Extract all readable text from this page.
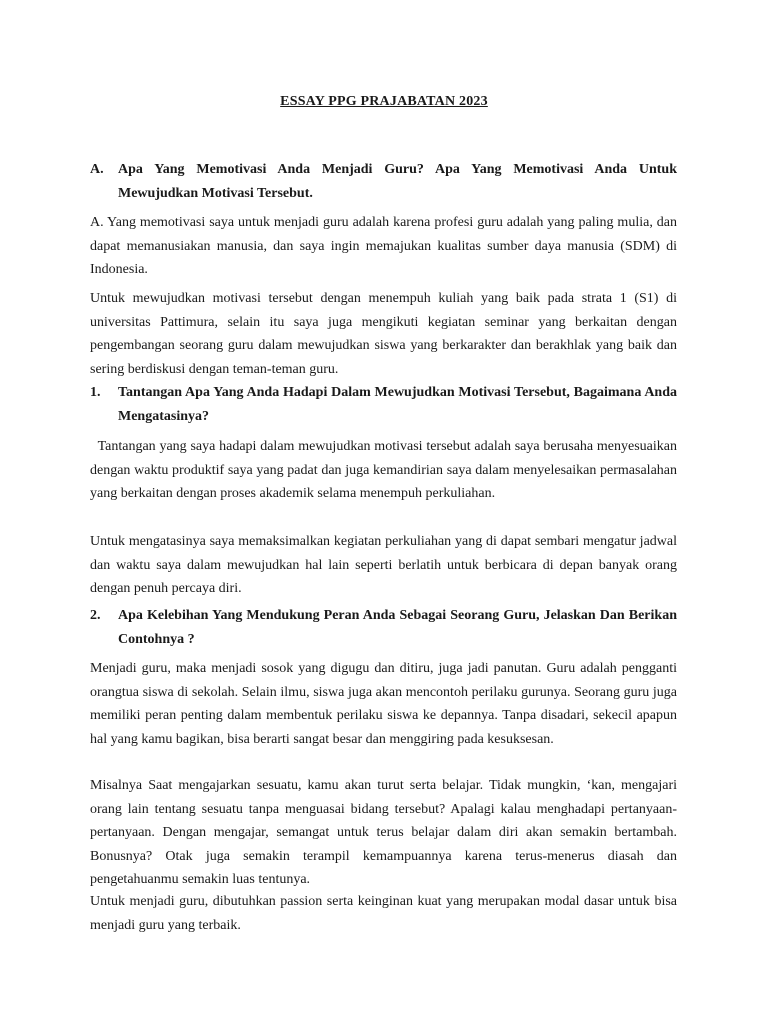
ESSAY PPG PRAJABATAN 2023
A.	Apa Yang Memotivasi Anda Menjadi Guru? Apa Yang Memotivasi Anda Untuk Mewujudkan Motivasi Tersebut.

A. Yang memotivasi saya untuk menjadi guru adalah karena profesi guru adalah yang paling mulia, dan dapat memanusiakan manusia, dan saya ingin memajukan kualitas sumber daya manusia (SDM) di Indonesia.

Untuk mewujudkan motivasi tersebut dengan menempuh kuliah yang baik pada strata 1 (S1) di universitas Pattimura, selain itu saya juga mengikuti kegiatan seminar yang berkaitan dengan pengembangan seorang guru dalam mewujudkan siswa yang berkarakter dan berakhlak yang baik dan sering berdiskusi dengan teman-teman guru.

1.	Tantangan Apa Yang Anda Hadapi Dalam Mewujudkan Motivasi Tersebut, Bagaimana Anda Mengatasinya?

Tantangan yang saya hadapi dalam mewujudkan motivasi tersebut adalah saya berusaha menyesuaikan dengan waktu produktif saya yang padat dan juga kemandirian saya dalam menyelesaikan permasalahan yang berkaitan dengan proses akademik selama menempuh perkuliahan.

Untuk mengatasinya saya memaksimalkan kegiatan perkuliahan yang di dapat sembari mengatur jadwal dan waktu saya dalam mewujudkan hal lain seperti berlatih untuk berbicara di depan banyak orang dengan penuh percaya diri.

2.	Apa Kelebihan Yang Mendukung Peran Anda Sebagai Seorang Guru, Jelaskan Dan Berikan Contohnya ?

Menjadi guru, maka menjadi sosok yang digugu dan ditiru, juga jadi panutan. Guru adalah pengganti orangtua siswa di sekolah. Selain ilmu, siswa juga akan mencontoh perilaku gurunya. Seorang guru juga memiliki peran penting dalam membentuk perilaku siswa ke depannya. Tanpa disadari, sekecil apapun hal yang kamu bagikan, bisa berarti sangat besar dan menggiring pada kesuksesan.

Misalnya Saat mengajarkan sesuatu, kamu akan turut serta belajar. Tidak mungkin, ‘kan, mengajari orang lain tentang sesuatu tanpa menguasai bidang tersebut? Apalagi kalau menghadapi pertanyaan-pertanyaan. Dengan mengajar, semangat untuk terus belajar dalam diri akan semakin bertambah. Bonusnya? Otak juga semakin terampil kemampuannya karena terus-menerus diasah dan pengetahuanmu semakin luas tentunya.

Untuk menjadi guru, dibutuhkan passion serta keinginan kuat yang merupakan modal dasar untuk bisa menjadi guru yang terbaik.
